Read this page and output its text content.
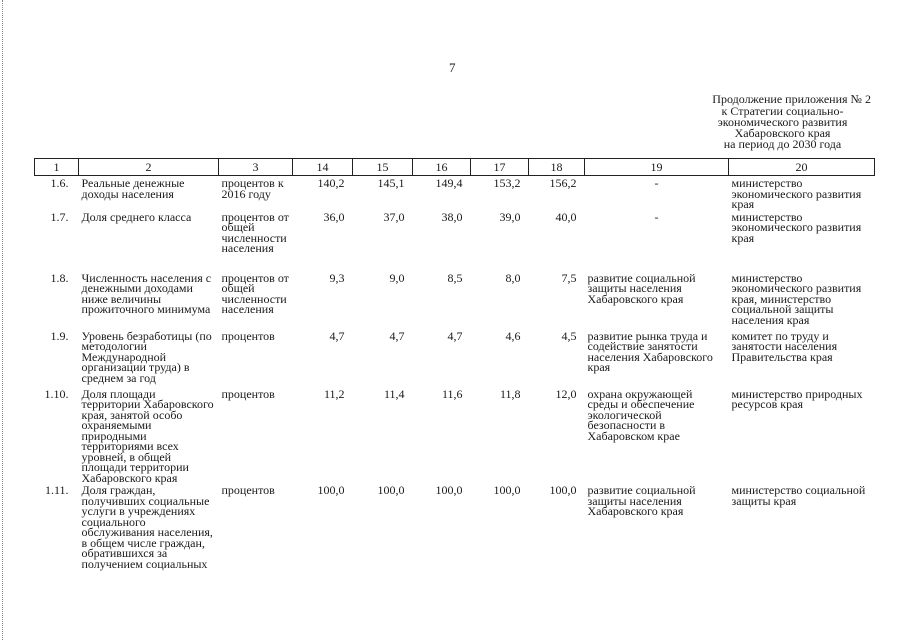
7
Продолжение приложения № 2
к Стратегии социально-
экономического развития
Хабаровского края
на период до 2030 года
1	2	3	14	15	16	17	18	19	20
1.6.	Реальные денежные доходы населения	процентов к 2016 году	140,2	145,1	149,4	153,2	156,2	-	министерство экономического развития края
1.7.	Доля среднего класса	процентов от общей численности населения	36,0	37,0	38,0	39,0	40,0	-	министерство экономического развития края
1.8.	Численность населения с денежными доходами ниже величины прожиточного минимума	процентов от общей численности населения	9,3	9,0	8,5	8,0	7,5	развитие социальной защиты населения Хабаровского края	министерство экономического развития края, министерство социальной защиты населения края
1.9.	Уровень безработицы (по методологии Международной организации труда) в среднем за год	процентов	4,7	4,7	4,7	4,6	4,5	развитие рынка труда и содействие занятости населения Хабаровского края	комитет по труду и занятости населения Правительства края
1.10.	Доля площади территории Хабаровского края, занятой особо охраняемыми природными территориями всех уровней, в общей площади территории Хабаровского края	процентов	11,2	11,4	11,6	11,8	12,0	охрана окружающей среды и обеспечение экологической безопасности в Хабаровском крае	министерство природных ресурсов края
1.11.	Доля граждан, получивших социальные услуги в учреждениях социального обслуживания населения, в общем числе граждан, обратившихся за получением социальных	процентов	100,0	100,0	100,0	100,0	100,0	развитие социальной защиты населения Хабаровского края	министерство социальной защиты края
